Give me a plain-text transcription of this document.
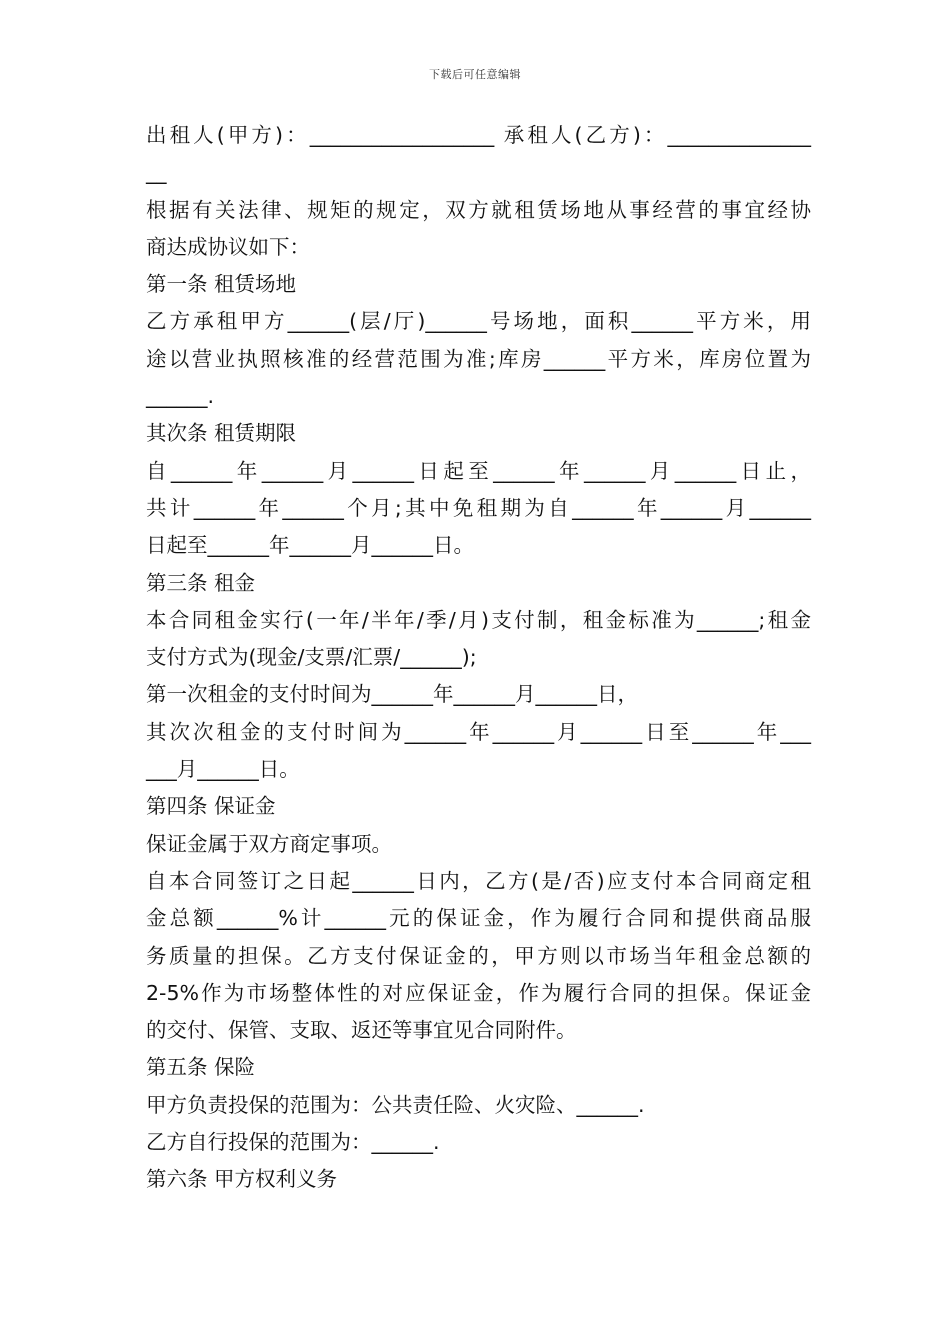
下载后可任意编辑
出租人(甲方)：__________________ 承租人(乙方)：______________
__
根据有关法律、规矩的规定，双方就租赁场地从事经营的事宜经协
商达成协议如下：
第一条 租赁场地
乙方承租甲方______(层/厅)______号场地，面积______平方米，用
途以营业执照核准的经营范围为准;库房______平方米，库房位置为
______.
其次条 租赁期限
自______年______月______日起至______年______月______日止，
共计______年______个月;其中免租期为自______年______月______
日起至______年______月______日。
第三条 租金
本合同租金实行(一年/半年/季/月)支付制，租金标准为______;租金
支付方式为(现金/支票/汇票/______);
第一次租金的支付时间为______年______月______日，
其次次租金的支付时间为______年______月______日至______年___
___月______日。
第四条 保证金
保证金属于双方商定事项。
自本合同签订之日起______日内，乙方(是/否)应支付本合同商定租
金总额______%计______元的保证金，作为履行合同和提供商品服
务质量的担保。乙方支付保证金的，甲方则以市场当年租金总额的
2-5%作为市场整体性的对应保证金，作为履行合同的担保。保证金
的交付、保管、支取、返还等事宜见合同附件。
第五条 保险
甲方负责投保的范围为：公共责任险、火灾险、______.
乙方自行投保的范围为：______.
第六条 甲方权利义务
